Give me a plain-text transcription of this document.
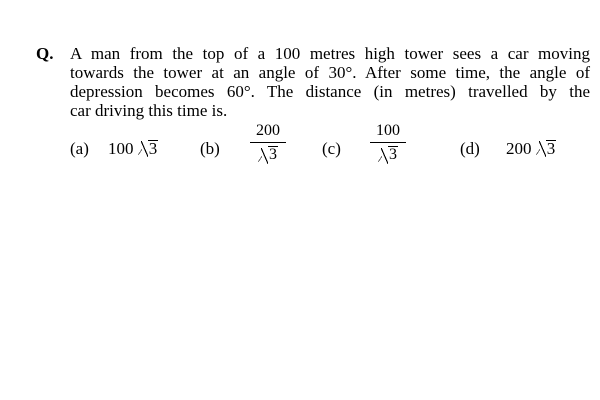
Q. A man from the top of a 100 metres high tower sees a car moving
towards the tower at an angle of 30°. After some time, the angle of
depression becomes 60°. The distance (in metres) travelled by the
car driving this time is.
(a) 100 3	(b)
200
3	(c)
100
3	(d) 200 3
